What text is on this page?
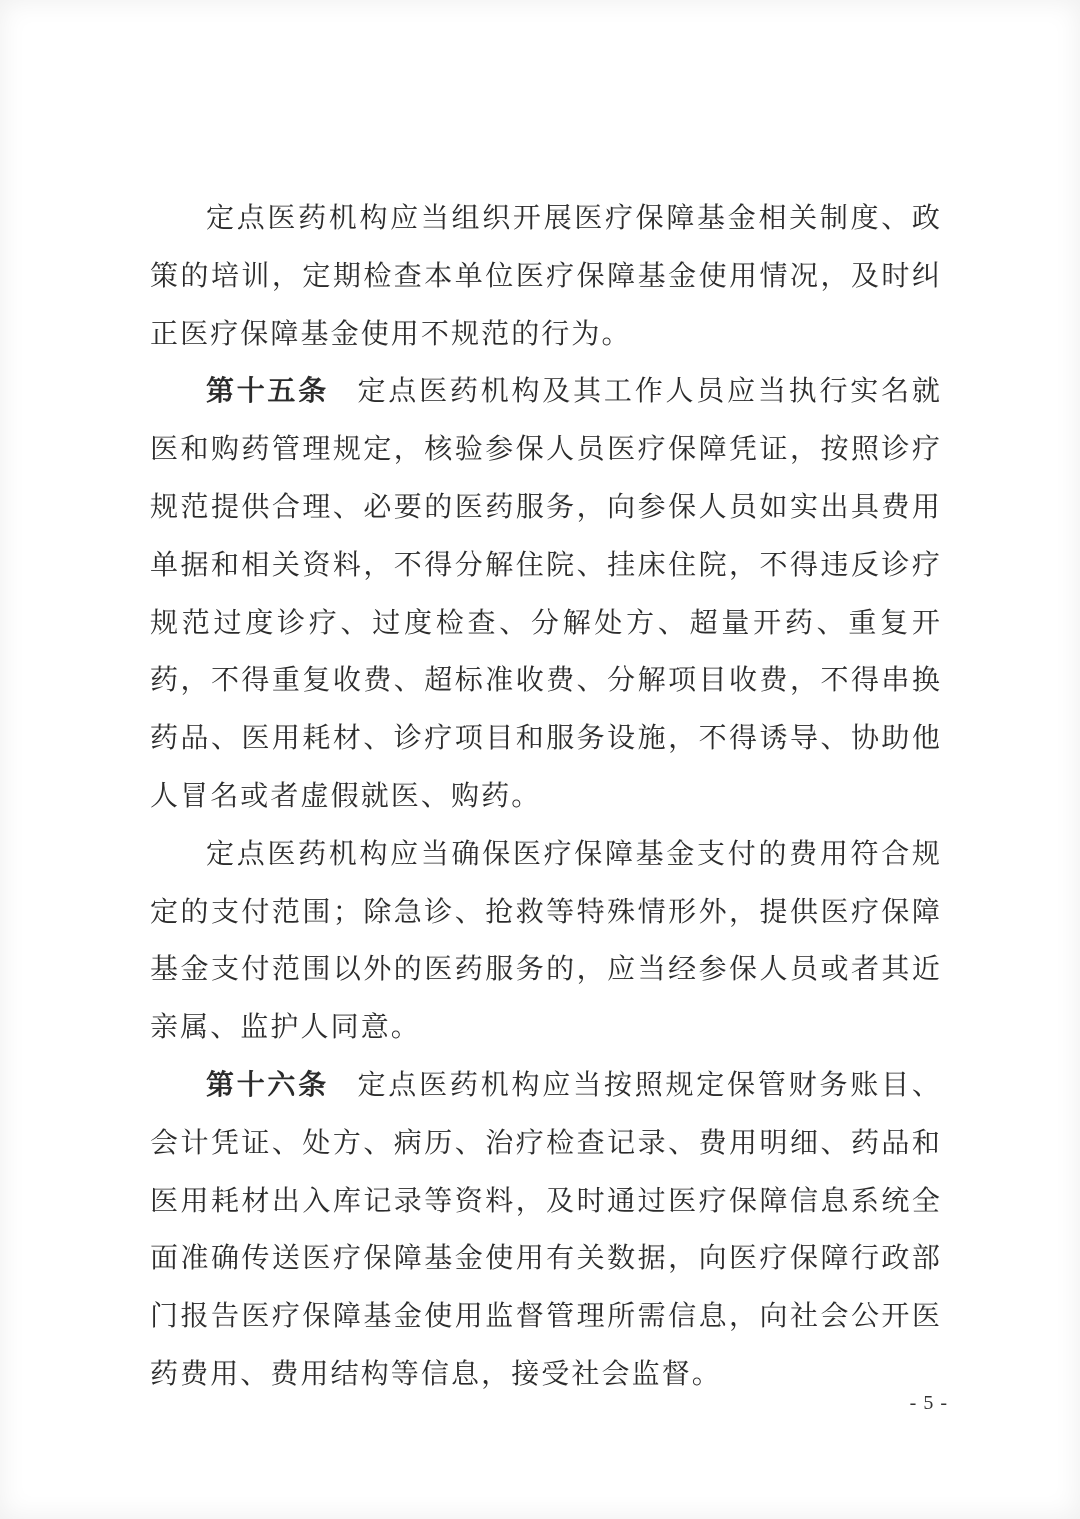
定点医药机构应当组织开展医疗保障基金相关制度、政策的培训，定期检查本单位医疗保障基金使用情况，及时纠正医疗保障基金使用不规范的行为。

第十五条 定点医药机构及其工作人员应当执行实名就医和购药管理规定，核验参保人员医疗保障凭证，按照诊疗规范提供合理、必要的医药服务，向参保人员如实出具费用单据和相关资料，不得分解住院、挂床住院，不得违反诊疗规范过度诊疗、过度检查、分解处方、超量开药、重复开药，不得重复收费、超标准收费、分解项目收费，不得串换药品、医用耗材、诊疗项目和服务设施，不得诱导、协助他人冒名或者虚假就医、购药。

定点医药机构应当确保医疗保障基金支付的费用符合规定的支付范围；除急诊、抢救等特殊情形外，提供医疗保障基金支付范围以外的医药服务的，应当经参保人员或者其近亲属、监护人同意。

第十六条 定点医药机构应当按照规定保管财务账目、会计凭证、处方、病历、治疗检查记录、费用明细、药品和医用耗材出入库记录等资料，及时通过医疗保障信息系统全面准确传送医疗保障基金使用有关数据，向医疗保障行政部门报告医疗保障基金使用监督管理所需信息，向社会公开医药费用、费用结构等信息，接受社会监督。

- 5 -
